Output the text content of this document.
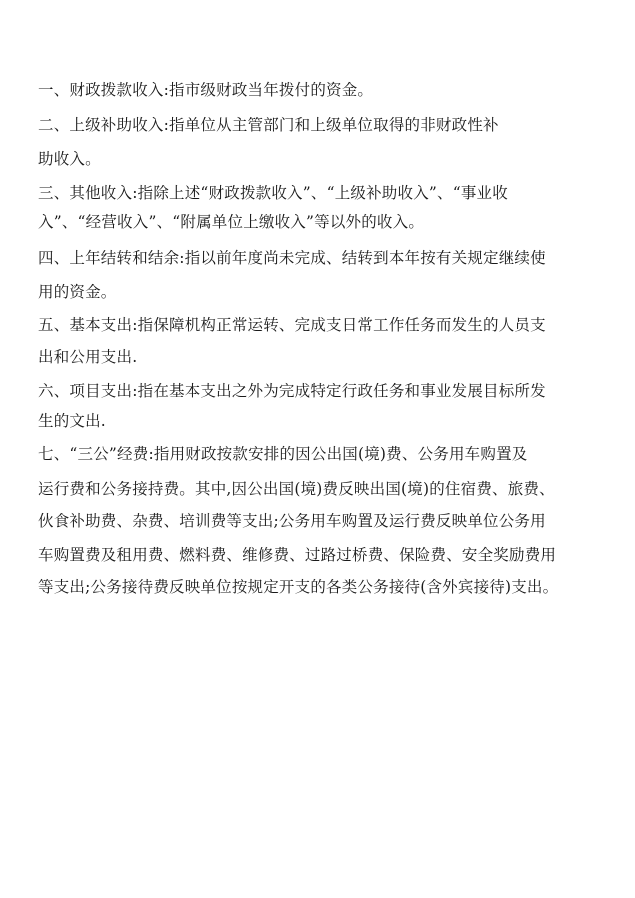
一、财政拨款收入:指市级财政当年拨付的资金。
二、上级补助收入:指单位从主管部门和上级单位取得的非财政性补
助收入。
三、其他收入:指除上述“财政拨款收入”、“上级补助收入”、“事业收
入”、“经营收入”、“附属单位上缴收入”等以外的收入。
四、上年结转和结余:指以前年度尚未完成、结转到本年按有关规定继续使
用的资金。
五、基本支出:指保障机构正常运转、完成支日常工作任务而发生的人员支
出和公用支出.
六、项目支出:指在基本支出之外为完成特定行政任务和事业发展目标所发
生的文出.
七、“三公”经费:指用财政按款安排的因公出国(境)费、公务用车购置及
运行费和公务接持费。其中,因公出国(境)费反映出国(境)的住宿费、旅费、
伙食补助费、杂费、培训费等支出;公务用车购置及运行费反映单位公务用
车购置费及租用费、燃料费、维修费、过路过桥费、保险费、安全奖励费用
等支出;公务接待费反映单位按规定开支的各类公务接待(含外宾接待)支出。
